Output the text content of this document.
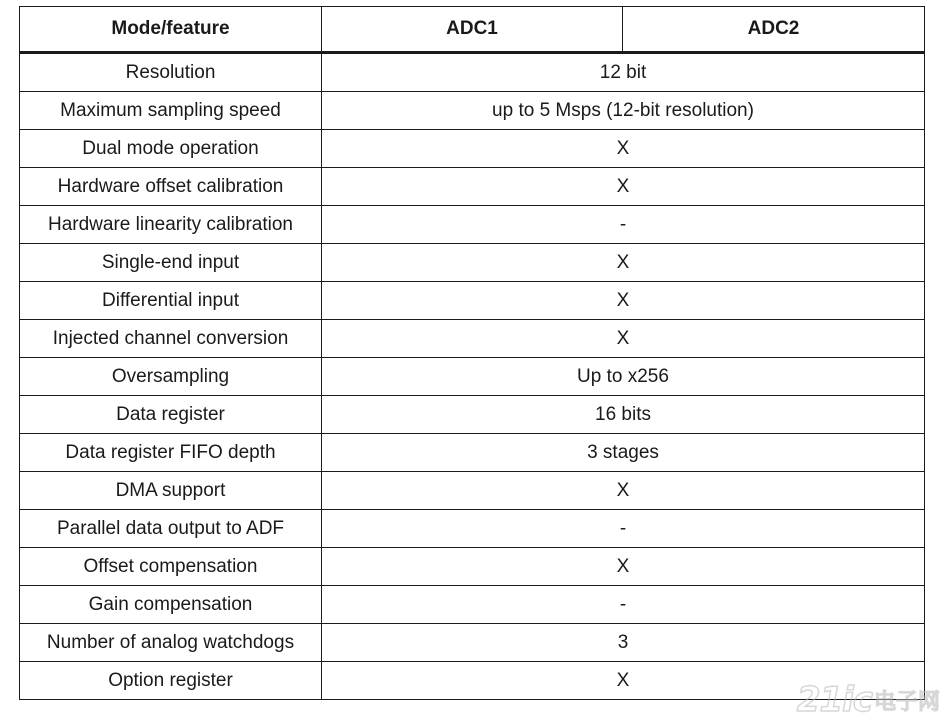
Mode/feature	ADC1	ADC2
Resolution	12 bit	
Maximum sampling speed	up to 5 Msps (12-bit resolution)	
Dual mode operation	X	
Hardware offset calibration	X	
Hardware linearity calibration	-	
Single-end input	X	
Differential input	X	
Injected channel conversion	X	
Oversampling	Up to x256	
Data register	16 bits	
Data register FIFO depth	3 stages	
DMA support	X	
Parallel data output to ADF	-	
Offset compensation	X	
Gain compensation	-	
Number of analog watchdogs	3	
Option register	X		21ic 电子网
